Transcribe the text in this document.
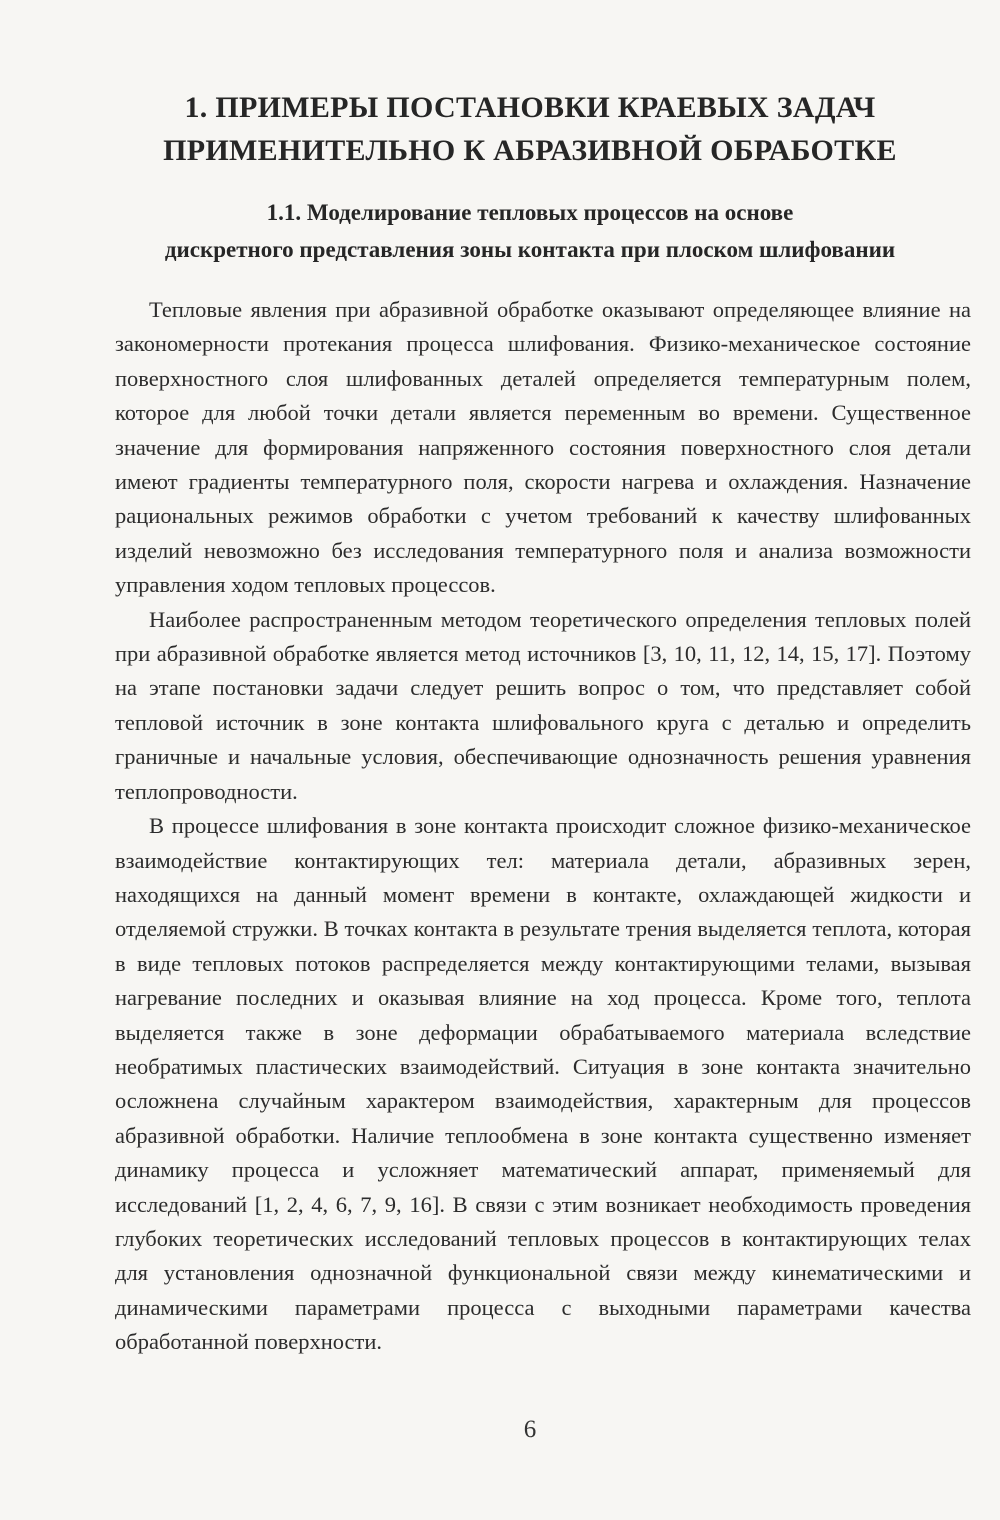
1. ПРИМЕРЫ ПОСТАНОВКИ КРАЕВЫХ ЗАДАЧ
ПРИМЕНИТЕЛЬНО К АБРАЗИВНОЙ ОБРАБОТКЕ
1.1. Моделирование тепловых процессов на основе
дискретного представления зоны контакта при плоском шлифовании

Тепловые явления при абразивной обработке оказывают определяющее влияние на закономерности протекания процесса шлифования. Физико-механическое состояние поверхностного слоя шлифованных деталей определяется температурным полем, которое для любой точки детали является переменным во времени. Существенное значение для формирования напряженного состояния поверхностного слоя детали имеют градиенты температурного поля, скорости нагрева и охлаждения. Назначение рациональных режимов обработки с учетом требований к качеству шлифованных изделий невозможно без исследования температурного поля и анализа возможности управления ходом тепловых процессов.

Наиболее распространенным методом теоретического определения тепловых полей при абразивной обработке является метод источников [3, 10, 11, 12, 14, 15, 17]. Поэтому на этапе постановки задачи следует решить вопрос о том, что представляет собой тепловой источник в зоне контакта шлифовального круга с деталью и определить граничные и начальные условия, обеспечивающие однозначность решения уравнения теплопроводности.

В процессе шлифования в зоне контакта происходит сложное физико-механическое взаимодействие контактирующих тел: материала детали, абразивных зерен, находящихся на данный момент времени в контакте, охлаждающей жидкости и отделяемой стружки. В точках контакта в результате трения выделяется теплота, которая в виде тепловых потоков распределяется между контактирующими телами, вызывая нагревание последних и оказывая влияние на ход процесса. Кроме того, теплота выделяется также в зоне деформации обрабатываемого материала вследствие необратимых пластических взаимодействий. Ситуация в зоне контакта значительно осложнена случайным характером взаимодействия, характерным для процессов абразивной обработки. Наличие теплообмена в зоне контакта существенно изменяет динамику процесса и усложняет математический аппарат, применяемый для исследований [1, 2, 4, 6, 7, 9, 16]. В связи с этим возникает необходимость проведения глубоких теоретических исследований тепловых процессов в контактирующих телах для установления однозначной функциональной связи между кинематическими и динамическими параметрами процесса с выходными параметрами качества обработанной поверхности.

6
